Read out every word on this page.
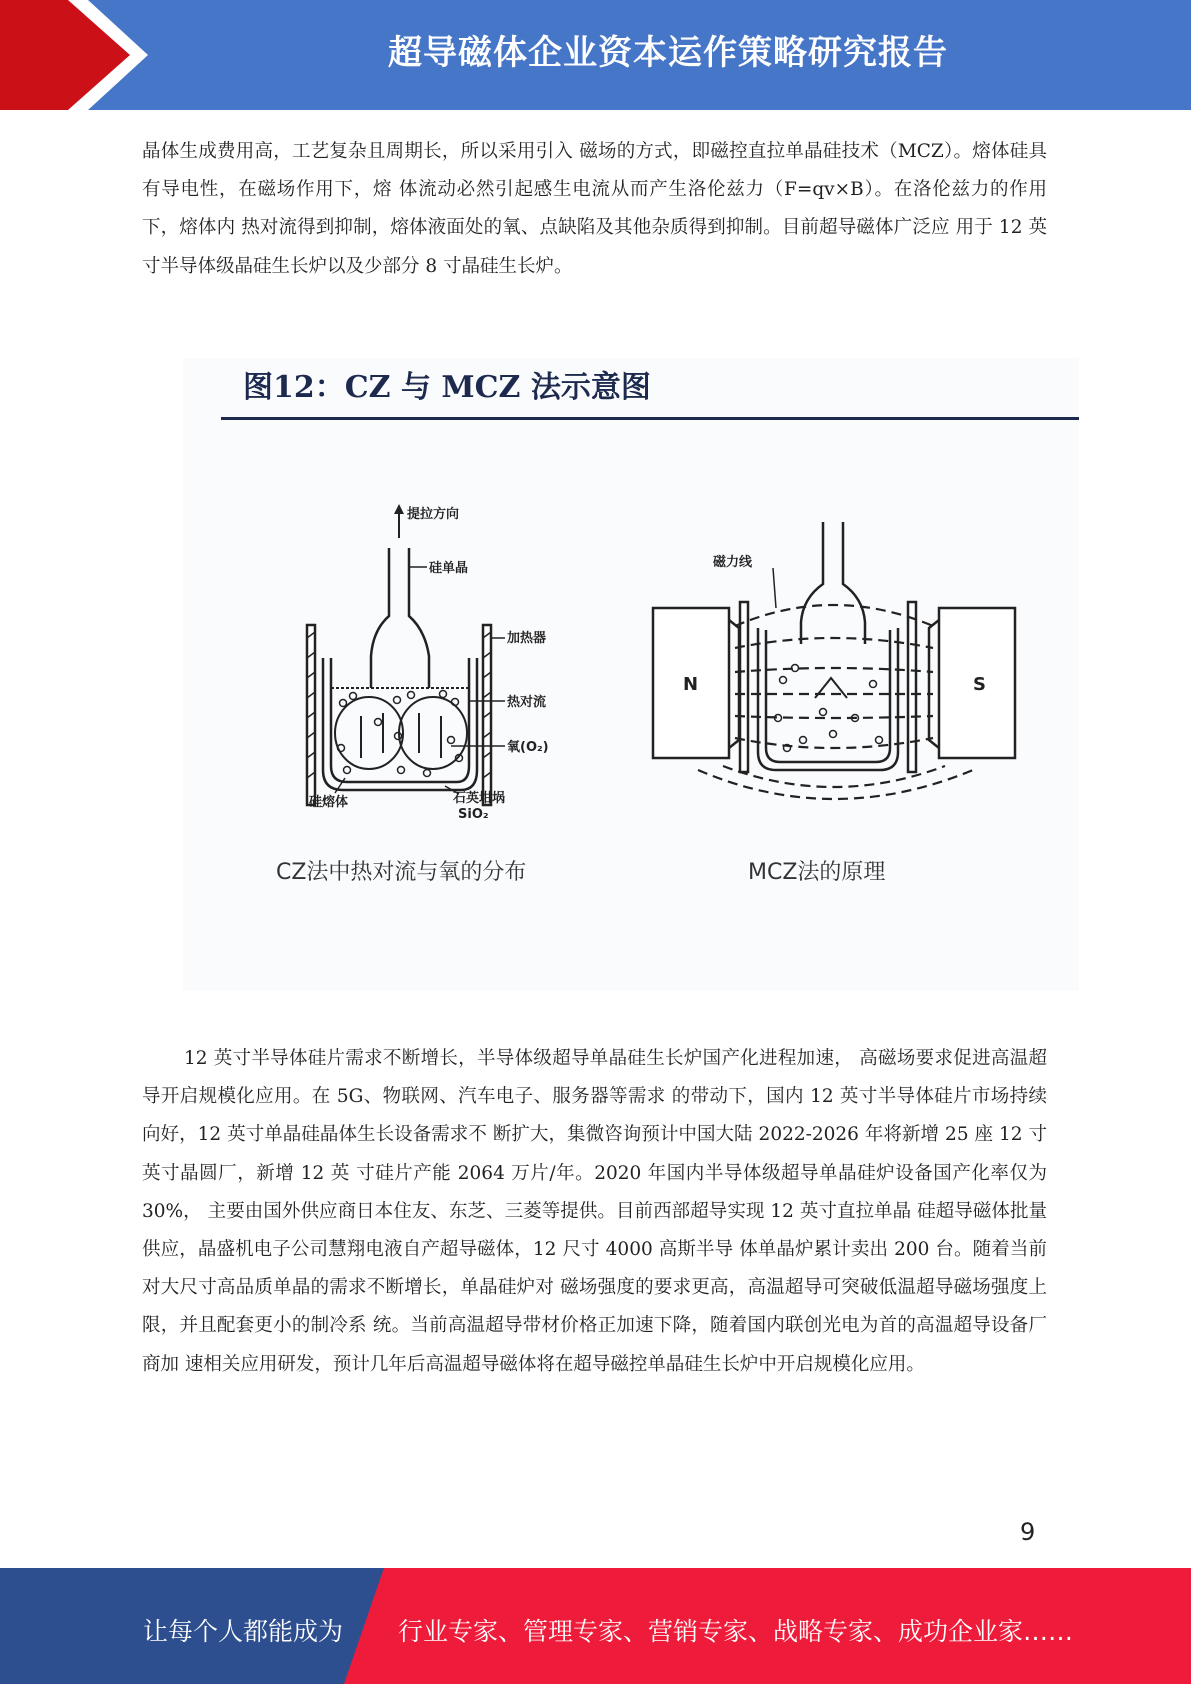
超导磁体企业资本运作策略研究报告

晶体生成费用高，工艺复杂且周期长，所以采用引入 磁场的方式，即磁控直拉单晶硅技术（MCZ）。熔体硅具有导电性，在磁场作用下，熔 体流动必然引起感生电流从而产生洛伦兹力（F=qv×B）。在洛伦兹力的作用下，熔体内 热对流得到抑制，熔体液面处的氧、点缺陷及其他杂质得到抑制。目前超导磁体广泛应 用于 12 英寸半导体级晶硅生长炉以及少部分 8 寸晶硅生长炉。

图12：CZ 与 MCZ 法示意图
提拉方向
硅单晶
加热器
热对流
氧(O₂)
硅熔体	石英坩埚
SiO₂
磁力线
N	S
CZ法中热对流与氧的分布	MCZ法的原理

12 英寸半导体硅片需求不断增长，半导体级超导单晶硅生长炉国产化进程加速， 高磁场要求促进高温超导开启规模化应用。在 5G、物联网、汽车电子、服务器等需求 的带动下，国内 12 英寸半导体硅片市场持续向好，12 英寸单晶硅晶体生长设备需求不 断扩大，集微咨询预计中国大陆 2022-2026 年将新增 25 座 12 寸英寸晶圆厂，新增 12 英 寸硅片产能 2064 万片/年。2020 年国内半导体级超导单晶硅炉设备国产化率仅为 30%， 主要由国外供应商日本住友、东芝、三菱等提供。目前西部超导实现 12 英寸直拉单晶 硅超导磁体批量供应，晶盛机电子公司慧翔电液自产超导磁体，12 尺寸 4000 高斯半导 体单晶炉累计卖出 200 台。随着当前对大尺寸高品质单晶的需求不断增长，单晶硅炉对 磁场强度的要求更高，高温超导可突破低温超导磁场强度上限，并且配套更小的制冷系 统。当前高温超导带材价格正加速下降，随着国内联创光电为首的高温超导设备厂商加 速相关应用研发，预计几年后高温超导磁体将在超导磁控单晶硅生长炉中开启规模化应用。

9
让每个人都能成为 行业专家、管理专家、营销专家、战略专家、成功企业家……
